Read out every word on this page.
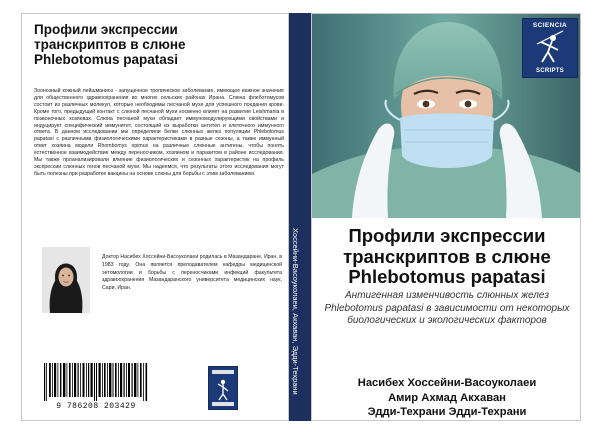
Профили экспрессии
транскриптов в слюне
Phlebotomus papatasi
Зоонозный кожный лейшманиоз - запущенное тропическое заболевание, имеющее важное значение для общественного здравоохранения во многих сельских районах Ирана. Слюна флеботомусов состоит из различных молекул, которые необходимы песчаной мухе для успешного поедания крови. Кроме того, предыдущий контакт с слюной песчаной мухи косвенно влияет на развитие Leishmania в позвоночных хозяевах. Слюна песчаной мухи обладает иммуномодулирующими свойствами и индуцирует специфический иммунитет, состоящий из выработки антител и клеточного иммунного ответа. В данном исследовании мы определили белки слюнных желез популяции Phlebotomus papatasi с различными физиологическими характеристиками в разные сезоны, а также иммунный ответ хозяина модели Rhombomys opimus на различные слюнные антигены, чтобы понять естественное взаимодействие между переносчиком, хозяином и паразитом в районе исследования. Мы также проанализировали влияние физиологических и сезонных характеристик на профиль экспрессии слюнных генов песчаной мухи. Мы надеемся, что результаты этого исследования могут быть полезны при разработке вакцины на основе слюны для борьбы с этим заболеванием.
Доктор Насибех Хоссейни-Васоуколаеи родилась в Мазандаране, Иран, в 1983 году. Она является преподавателем кафедры медицинской энтомологии и борьбы с переносчиками инфекций факультета здравоохранения Мазандаранского университета медицинских наук, Сари, Иран.
9 786208 203429
Хоссейни-Васоуколаеи, Акхаван, Эдди-Техрани
SCIENCIA
SCRIPTS
Профили экспрессии
транскриптов в слюне
Phlebotomus papatasi
Антигенная изменчивость слюнных желез
Phlebotomus papatasi в зависимости от некоторых
биологических и экологических факторов
Насибех Хоссейни-Васоуколаеи
Амир Ахмад Акхаван
Эдди-Техрани Эдди-Техрани
